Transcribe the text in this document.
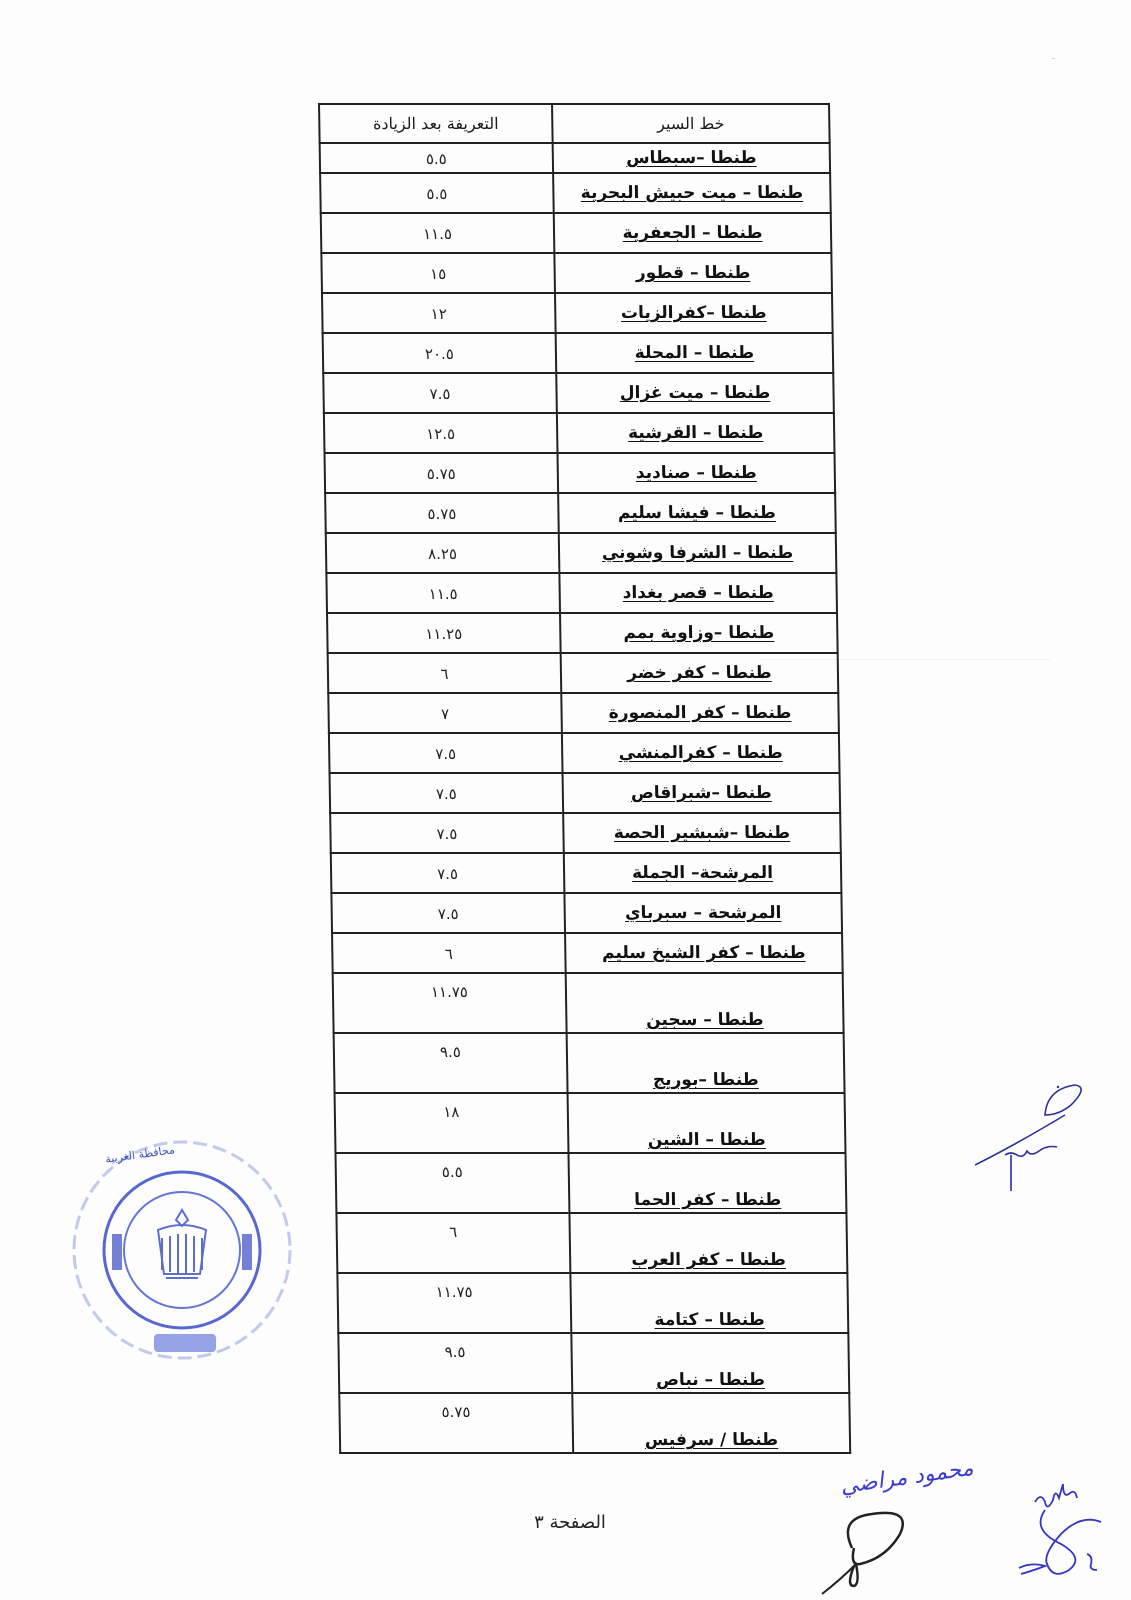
خط السير	التعريفة بعد الزيادة
طنطا –سبطاس	٥.٥
طنطا – ميت حبيش البحرية	٥.٥
طنطا – الجعفرية	١١.٥
طنطا – قطور	١٥
طنطا –كفرالزيات	١٢
طنطا – المحلة	٢٠.٥
طنطا – ميت غزال	٧.٥
طنطا – القرشية	١٢.٥
طنطا – صناديد	٥.٧٥
طنطا – فيشا سليم	٥.٧٥
طنطا – الشرفا وشوني	٨.٢٥
طنطا – قصر بغداد	١١.٥
طنطا –وزاوية بمم	١١.٢٥
طنطا – كفر خضر	٦
طنطا – كفر المنصورة	٧
طنطا – كفرالمنشي	٧.٥
طنطا –شبراقاص	٧.٥
طنطا –شبشير الحصة	٧.٥
المرشحة– الجملة	٧.٥
المرشحة – سبرباي	٧.٥
طنطا – كفر الشيخ سليم	٦
طنطا – سجين	١١.٧٥
طنطا –بوريج	٩.٥
طنطا – الشين	١٨
طنطا – كفر الحما	٥.٥
طنطا – كفر العرب	٦
طنطا – كتامة	١١.٧٥
طنطا – نباص	٩.٥
طنطا / سرفيس	٥.٧٥
محافظة الغربية
محمود مراضي
الصفحة ٣
